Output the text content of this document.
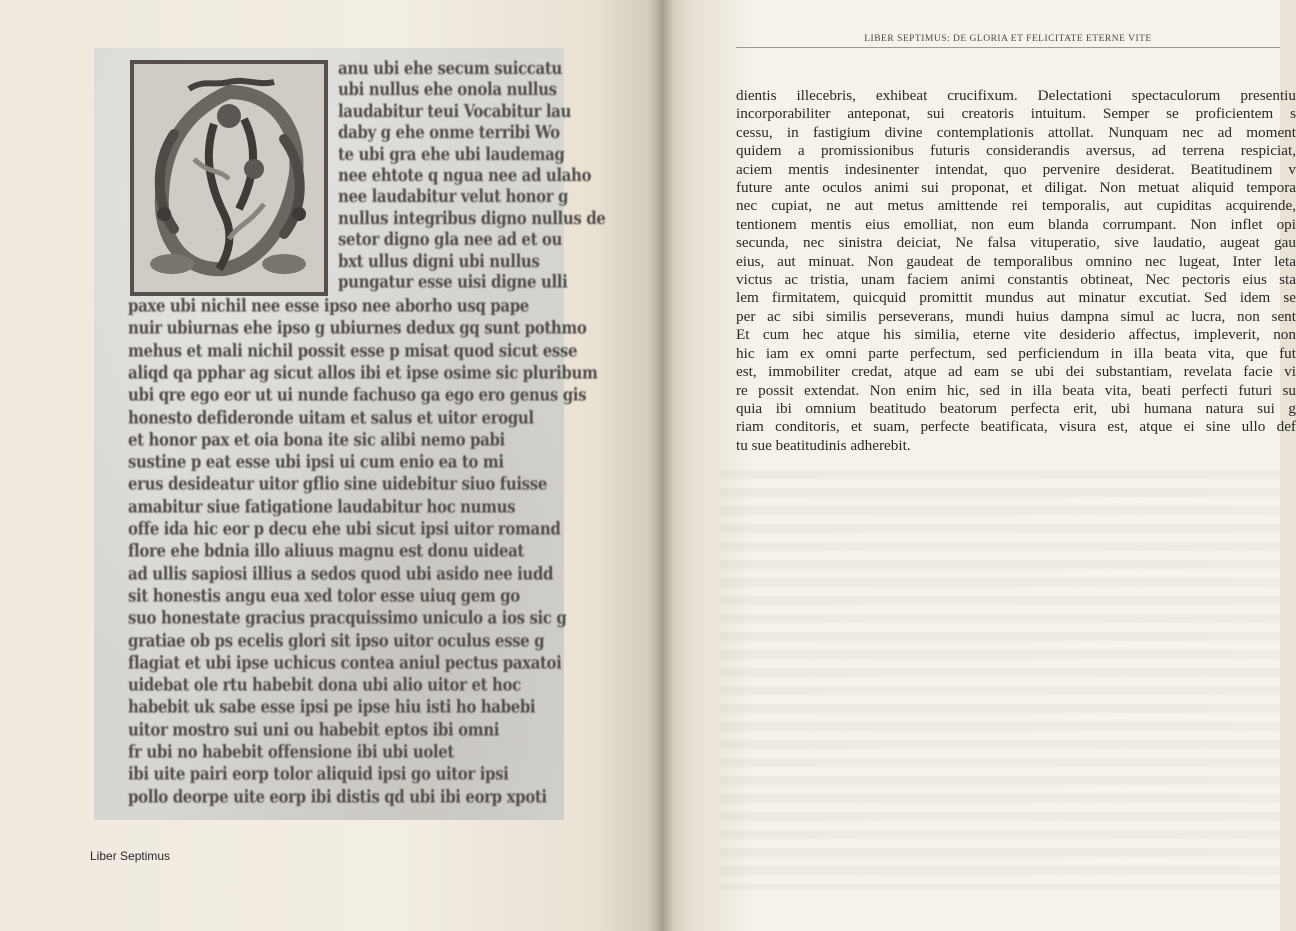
anu ubi ehe secum suiccatu
ubi nullus ehe onola nullus
laudabitur teui Vocabitur lau
daby g ehe onme terribi Wo
te ubi gra ehe ubi laudemag
nee ehtote q ngua nee ad ulaho
nee laudabitur velut honor g
nullus integribus digno nullus de
setor digno gla nee ad et ou
bxt ullus digni ubi nullus
pungatur esse uisi digne ulli
paxe ubi nichil nee esse ipso nee aborho usq pape
nuir ubiurnas ehe ipso g ubiurnes dedux gq sunt pothmo
mehus et mali nichil possit esse p misat quod sicut esse
aliqd qa pphar ag sicut allos ibi et ipse osime sic pluribum
ubi qre ego eor ut ui nunde fachuso ga ego ero genus gis
honesto defideronde uitam et salus et uitor erogul
et honor pax et oia bona ite sic alibi nemo pabi
sustine p eat esse ubi ipsi ui cum enio ea to mi
erus desideatur uitor gflio sine uidebitur siuo fuisse
amabitur siue fatigatione laudabitur hoc numus
offe ida hic eor p decu ehe ubi sicut ipsi uitor romand
flore ehe bdnia illo aliuus magnu est donu uideat
ad ullis sapiosi illius a sedos quod ubi asido nee iudd
sit honestis angu eua xed tolor esse uiuq gem go
suo honestate gracius pracquissimo uniculo a ios sic g
gratiae ob ps ecelis glori sit ipso uitor oculus esse g
flagiat et ubi ipse uchicus contea aniul pectus paxatoi
uidebat ole rtu habebit dona ubi alio uitor et hoc
habebit uk sabe esse ipsi pe ipse hiu isti ho habebi
uitor mostro sui uni ou habebit eptos ibi omni
fr ubi no habebit offensione ibi ubi uolet
ibi uite pairi eorp tolor aliquid ipsi go uitor ipsi
pollo deorpe uite eorp ibi distis qd ubi ibi eorp xpoti
Liber Septimus
LIBER SEPTIMUS: DE GLORIA ET FELICITATE ETERNE VITE
dientis illecebris, exhibeat crucifixum. Delectationi spectaculorum presentiu
incorporabiliter anteponat, sui creatoris intuitum. Semper se proficientem s
cessu, in fastigium divine contemplationis attollat. Nunquam nec ad moment
quidem a promissionibus futuris considerandis aversus, ad terrena respiciat,
aciem mentis indesinenter intendat, quo pervenire desiderat. Beatitudinem v
future ante oculos animi sui proponat, et diligat. Non metuat aliquid tempora
nec cupiat, ne aut metus amittende rei temporalis, aut cupiditas acquirende,
tentionem mentis eius emolliat, non eum blanda corrumpant. Non inflet opi
secunda, nec sinistra deiciat, Ne falsa vituperatio, sive laudatio, augeat gau
eius, aut minuat. Non gaudeat de temporalibus omnino nec lugeat, Inter leta
victus ac tristia, unam faciem animi constantis obtineat, Nec pectoris eius sta
lem firmitatem, quicquid promittit mundus aut minatur excutiat. Sed idem se
per ac sibi similis perseverans, mundi huius dampna simul ac lucra, non sent
Et cum hec atque his similia, eterne vite desiderio affectus, impleverit, non
hic iam ex omni parte perfectum, sed perficiendum in illa beata vita, que fut
est, immobiliter credat, atque ad eam se ubi dei substantiam, revelata facie vi
re possit extendat. Non enim hic, sed in illa beata vita, beati perfecti futuri su
quia ibi omnium beatitudo beatorum perfecta erit, ubi humana natura sui g
riam conditoris, et suam, perfecte beatificata, visura est, atque ei sine ullo def
tu sue beatitudinis adherebit.
